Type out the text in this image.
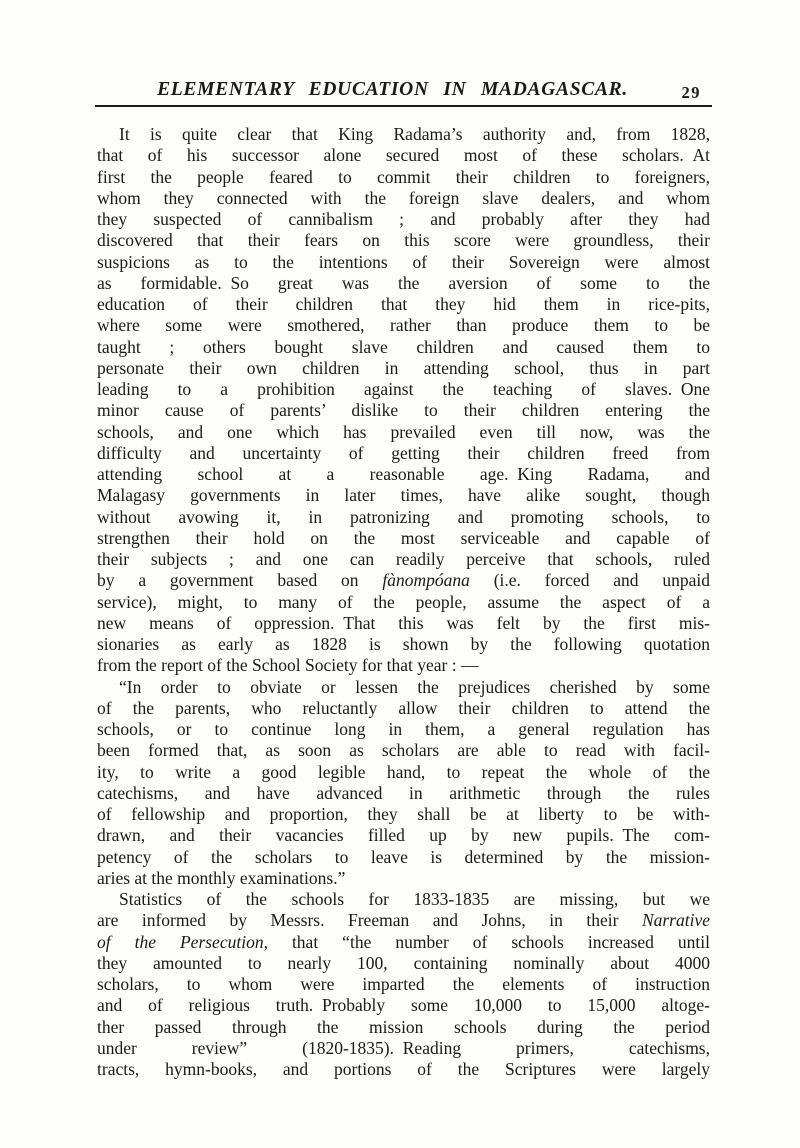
ELEMENTARY EDUCATION IN MADAGASCAR.	29
It is quite clear that King Radama’s authority and, from 1828,
that of his successor alone secured most of these scholars. At
first the people feared to commit their children to foreigners,
whom they connected with the foreign slave dealers, and whom
they suspected of cannibalism ; and probably after they had
discovered that their fears on this score were groundless, their
suspicions as to the intentions of their Sovereign were almost
as formidable. So great was the aversion of some to the
education of their children that they hid them in rice-pits,
where some were smothered, rather than produce them to be
taught ; others bought slave children and caused them to
personate their own children in attending school, thus in part
leading to a prohibition against the teaching of slaves. One
minor cause of parents’ dislike to their children entering the
schools, and one which has prevailed even till now, was the
difficulty and uncertainty of getting their children freed from
attending school at a reasonable age. King Radama, and
Malagasy governments in later times, have alike sought, though
without avowing it, in patronizing and promoting schools, to
strengthen their hold on the most serviceable and capable of
their subjects ; and one can readily perceive that schools, ruled
by a government based on fànompóana (i.e. forced and unpaid
service), might, to many of the people, assume the aspect of a
new means of oppression. That this was felt by the first mis-
sionaries as early as 1828 is shown by the following quotation
from the report of the School Society for that year : —
“In order to obviate or lessen the prejudices cherished by some
of the parents, who reluctantly allow their children to attend the
schools, or to continue long in them, a general regulation has
been formed that, as soon as scholars are able to read with facil-
ity, to write a good legible hand, to repeat the whole of the
catechisms, and have advanced in arithmetic through the rules
of fellowship and proportion, they shall be at liberty to be with-
drawn, and their vacancies filled up by new pupils. The com-
petency of the scholars to leave is determined by the mission-
aries at the monthly examinations.”
Statistics of the schools for 1833-1835 are missing, but we
are informed by Messrs. Freeman and Johns, in their Narrative
of the Persecution, that “the number of schools increased until
they amounted to nearly 100, containing nominally about 4000
scholars, to whom were imparted the elements of instruction
and of religious truth. Probably some 10,000 to 15,000 altoge-
ther passed through the mission schools during the period
under review” (1820-1835). Reading primers, catechisms,
tracts, hymn-books, and portions of the Scriptures were largely
